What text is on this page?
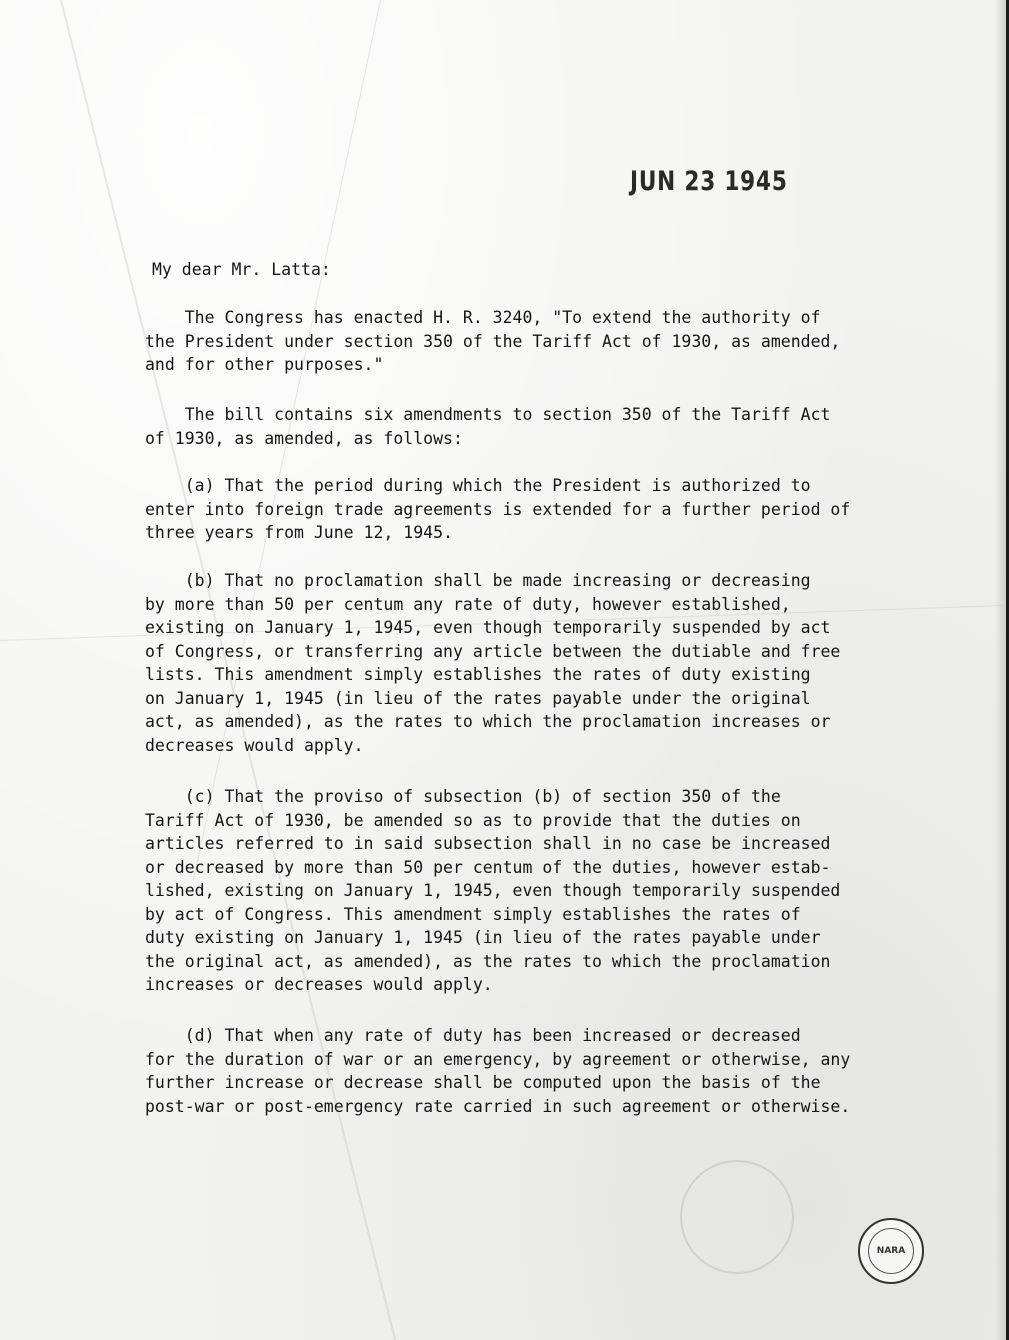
JUN 23 1945
My dear Mr. Latta:

The Congress has enacted H. R. 3240, "To extend the authority of
the President under section 350 of the Tariff Act of 1930, as amended,
and for other purposes."

The bill contains six amendments to section 350 of the Tariff Act
of 1930, as amended, as follows:

(a) That the period during which the President is authorized to
enter into foreign trade agreements is extended for a further period of
three years from June 12, 1945.

(b) That no proclamation shall be made increasing or decreasing
by more than 50 per centum any rate of duty, however established,
existing on January 1, 1945, even though temporarily suspended by act
of Congress, or transferring any article between the dutiable and free
lists. This amendment simply establishes the rates of duty existing
on January 1, 1945 (in lieu of the rates payable under the original
act, as amended), as the rates to which the proclamation increases or
decreases would apply.

(c) That the proviso of subsection (b) of section 350 of the
Tariff Act of 1930, be amended so as to provide that the duties on
articles referred to in said subsection shall in no case be increased
or decreased by more than 50 per centum of the duties, however estab-
lished, existing on January 1, 1945, even though temporarily suspended
by act of Congress. This amendment simply establishes the rates of
duty existing on January 1, 1945 (in lieu of the rates payable under
the original act, as amended), as the rates to which the proclamation
increases or decreases would apply.

(d) That when any rate of duty has been increased or decreased
for the duration of war or an emergency, by agreement or otherwise, any
further increase or decrease shall be computed upon the basis of the
post-war or post-emergency rate carried in such agreement or otherwise.

NARA
